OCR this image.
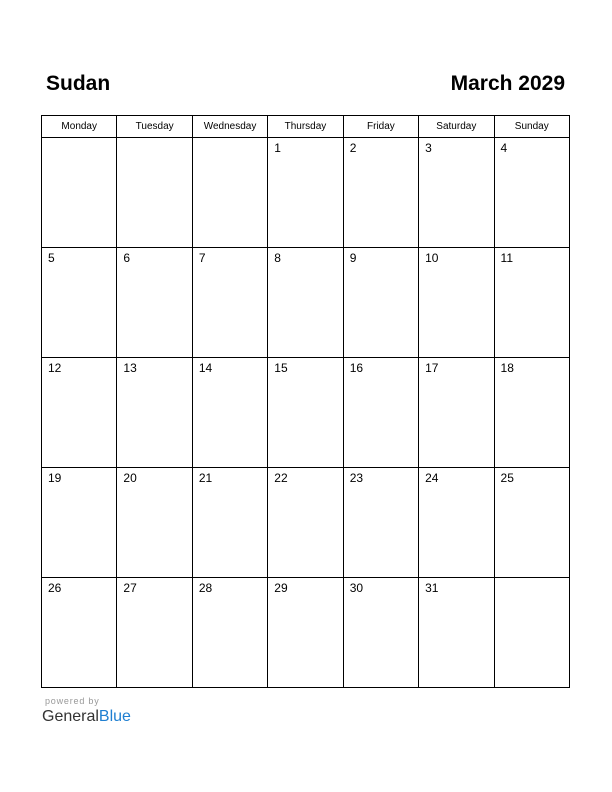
Sudan	March 2029
Monday	Tuesday	Wednesday	Thursday	Friday	Saturday	Sunday

			1	2	3	4

5	6	7	8	9	10	11

12	13	14	15	16	17	18

19	20	21	22	23	24	25

26	27	28	29	30	31	

powered by
GeneralBlue
